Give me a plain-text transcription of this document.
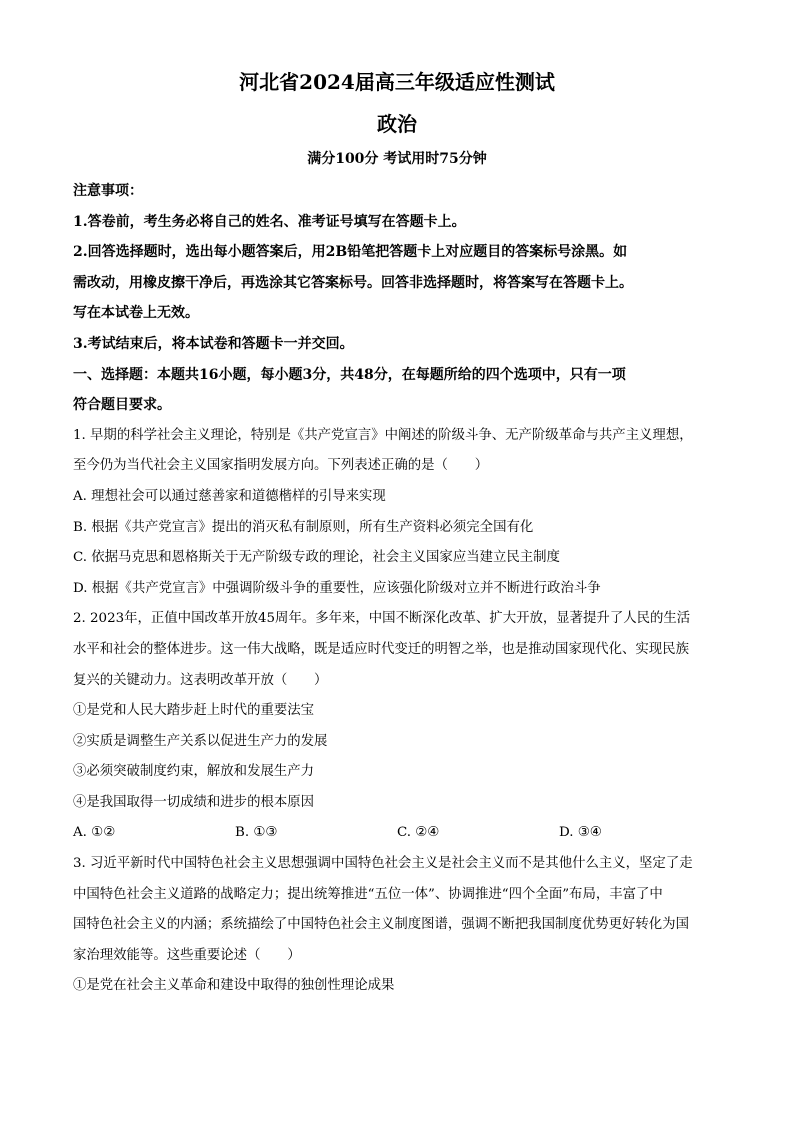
河北省2024届高三年级适应性测试
政治
满分100分 考试用时75分钟
注意事项：
1.答卷前，考生务必将自己的姓名、准考证号填写在答题卡上。
2.回答选择题时，选出每小题答案后，用2B铅笔把答题卡上对应题目的答案标号涂黑。如
需改动，用橡皮擦干净后，再选涂其它答案标号。回答非选择题时，将答案写在答题卡上。
写在本试卷上无效。
3.考试结束后，将本试卷和答题卡一并交回。
一、选择题：本题共16小题，每小题3分，共48分，在每题所给的四个选项中，只有一项
符合题目要求。
1. 早期的科学社会主义理论，特别是《共产党宣言》中阐述的阶级斗争、无产阶级革命与共产主义理想，
至今仍为当代社会主义国家指明发展方向。下列表述正确的是（　　）
A. 理想社会可以通过慈善家和道德楷样的引导来实现
B. 根据《共产党宣言》提出的消灭私有制原则，所有生产资料必须完全国有化
C. 依据马克思和恩格斯关于无产阶级专政的理论，社会主义国家应当建立民主制度
D. 根据《共产党宣言》中强调阶级斗争的重要性，应该强化阶级对立并不断进行政治斗争
2. 2023年，正值中国改革开放45周年。多年来，中国不断深化改革、扩大开放，显著提升了人民的生活
水平和社会的整体进步。这一伟大战略，既是适应时代变迁的明智之举，也是推动国家现代化、实现民族
复兴的关键动力。这表明改革开放（　　）
①是党和人民大踏步赶上时代的重要法宝
②实质是调整生产关系以促进生产力的发展
③必须突破制度约束，解放和发展生产力
④是我国取得一切成绩和进步的根本原因
A. ①②	B. ①③	C. ②④	D. ③④
3. 习近平新时代中国特色社会主义思想强调中国特色社会主义是社会主义而不是其他什么主义，坚定了走
中国特色社会主义道路的战略定力；提出统筹推进“五位一体”、协调推进“四个全面”布局，丰富了中
国特色社会主义的内涵；系统描绘了中国特色社会主义制度图谱，强调不断把我国制度优势更好转化为国
家治理效能等。这些重要论述（　　）
①是党在社会主义革命和建设中取得的独创性理论成果
